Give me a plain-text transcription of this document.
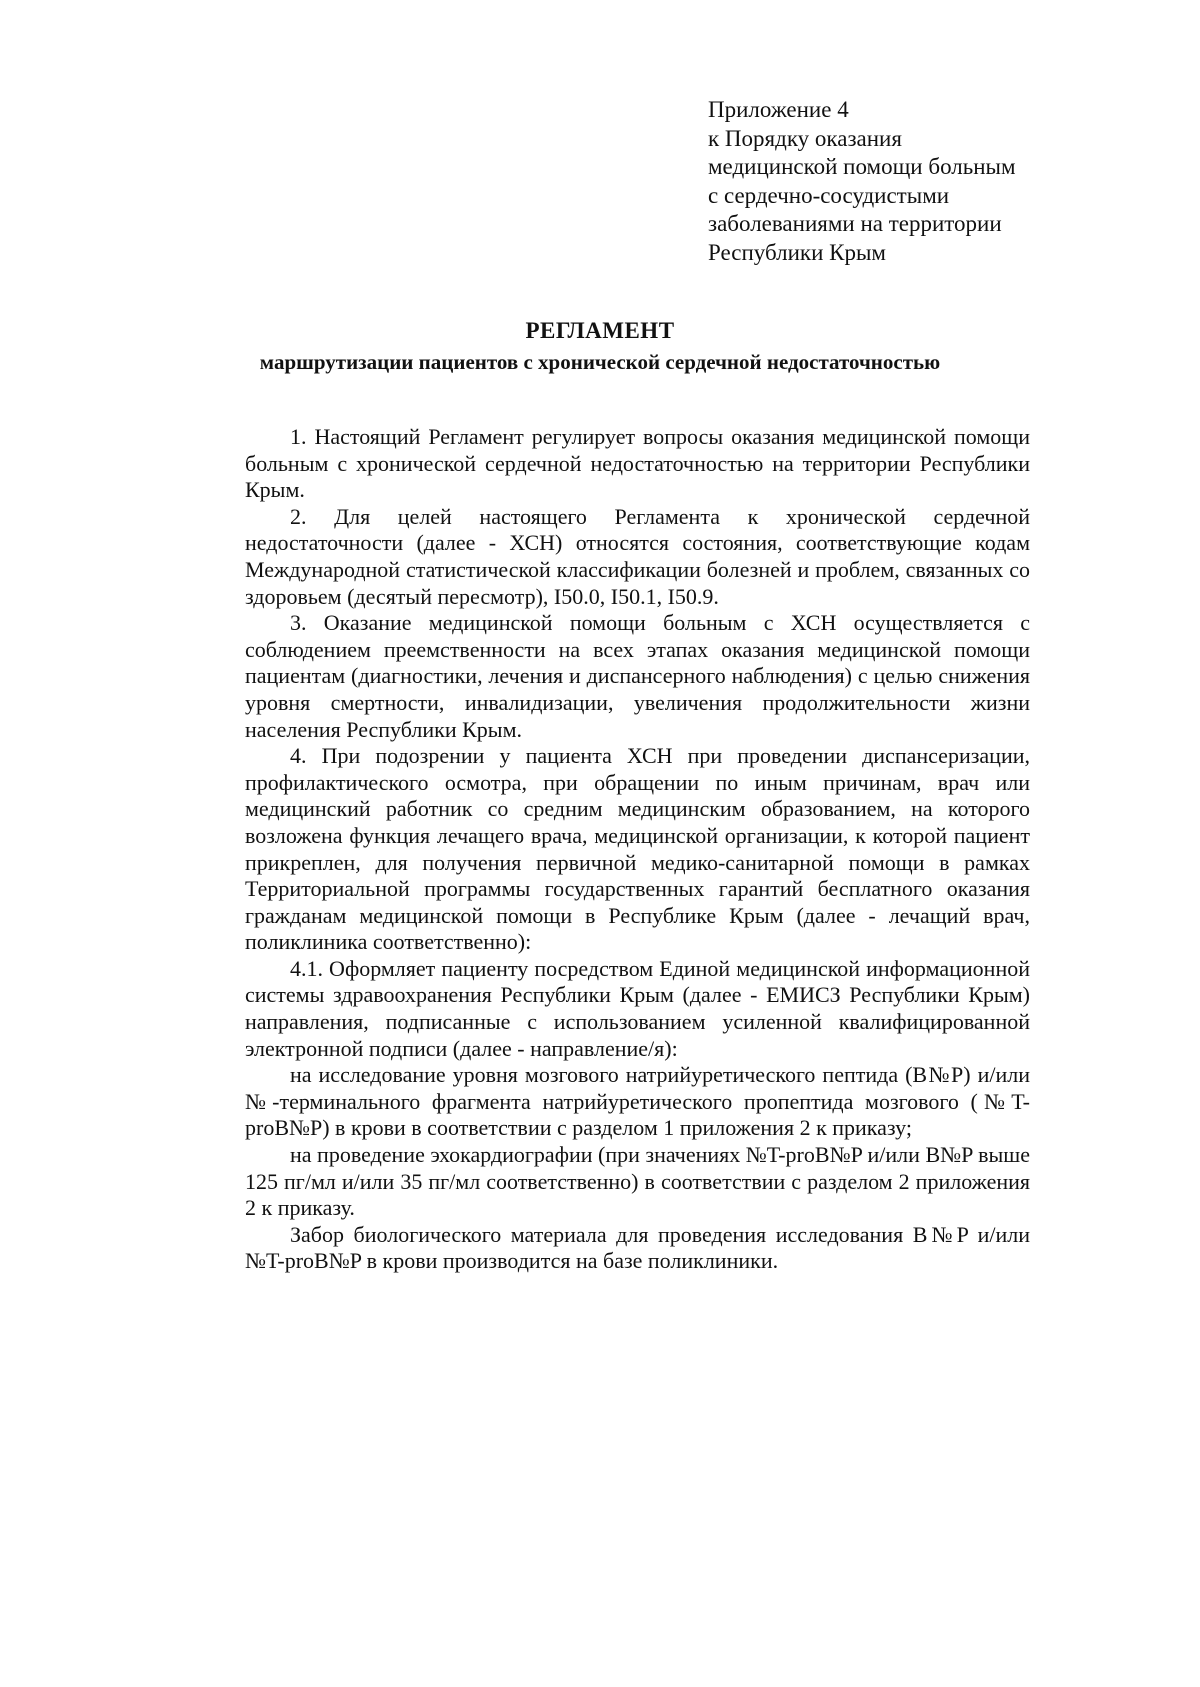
Приложение 4
к Порядку оказания
медицинской помощи больным
с сердечно-сосудистыми
заболеваниями на территории
Республики Крым
РЕГЛАМЕНТ
маршрутизации пациентов с хронической сердечной недостаточностью

1. Настоящий Регламент регулирует вопросы оказания медицинской помощи больным с хронической сердечной недостаточностью на территории Республики Крым.

2. Для целей настоящего Регламента к хронической сердечной недостаточности (далее - ХСН) относятся состояния, соответствующие кодам Международной статистической классификации болезней и проблем, связанных со здоровьем (десятый пересмотр), I50.0, I50.1, I50.9.

3. Оказание медицинской помощи больным с ХСН осуществляется с соблюдением преемственности на всех этапах оказания медицинской помощи пациентам (диагностики, лечения и диспансерного наблюдения) с целью снижения уровня смертности, инвалидизации, увеличения продолжительности жизни населения Республики Крым.

4. При подозрении у пациента ХСН при проведении диспансеризации, профилактического осмотра, при обращении по иным причинам, врач или медицинский работник со средним медицинским образованием, на которого возложена функция лечащего врача, медицинской организации, к которой пациент прикреплен, для получения первичной медико-санитарной помощи в рамках Территориальной программы государственных гарантий бесплатного оказания гражданам медицинской помощи в Республике Крым (далее - лечащий врач, поликлиника соответственно):

4.1. Оформляет пациенту посредством Единой медицинской информационной системы здравоохранения Республики Крым (далее - ЕМИСЗ Республики Крым) направления, подписанные с использованием усиленной квалифицированной электронной подписи (далее - направление/я):

на исследование уровня мозгового натрийуретического пептида (B№P) и/или №-терминального фрагмента натрийуретического пропептида мозгового (№T-proB№P) в крови в соответствии с разделом 1 приложения 2 к приказу;

на проведение эхокардиографии (при значениях №T-proB№P и/или B№P выше 125 пг/мл и/или 35 пг/мл соответственно) в соответствии с разделом 2 приложения 2 к приказу.

Забор биологического материала для проведения исследования B№P и/или №T-proB№P в крови производится на базе поликлиники.
